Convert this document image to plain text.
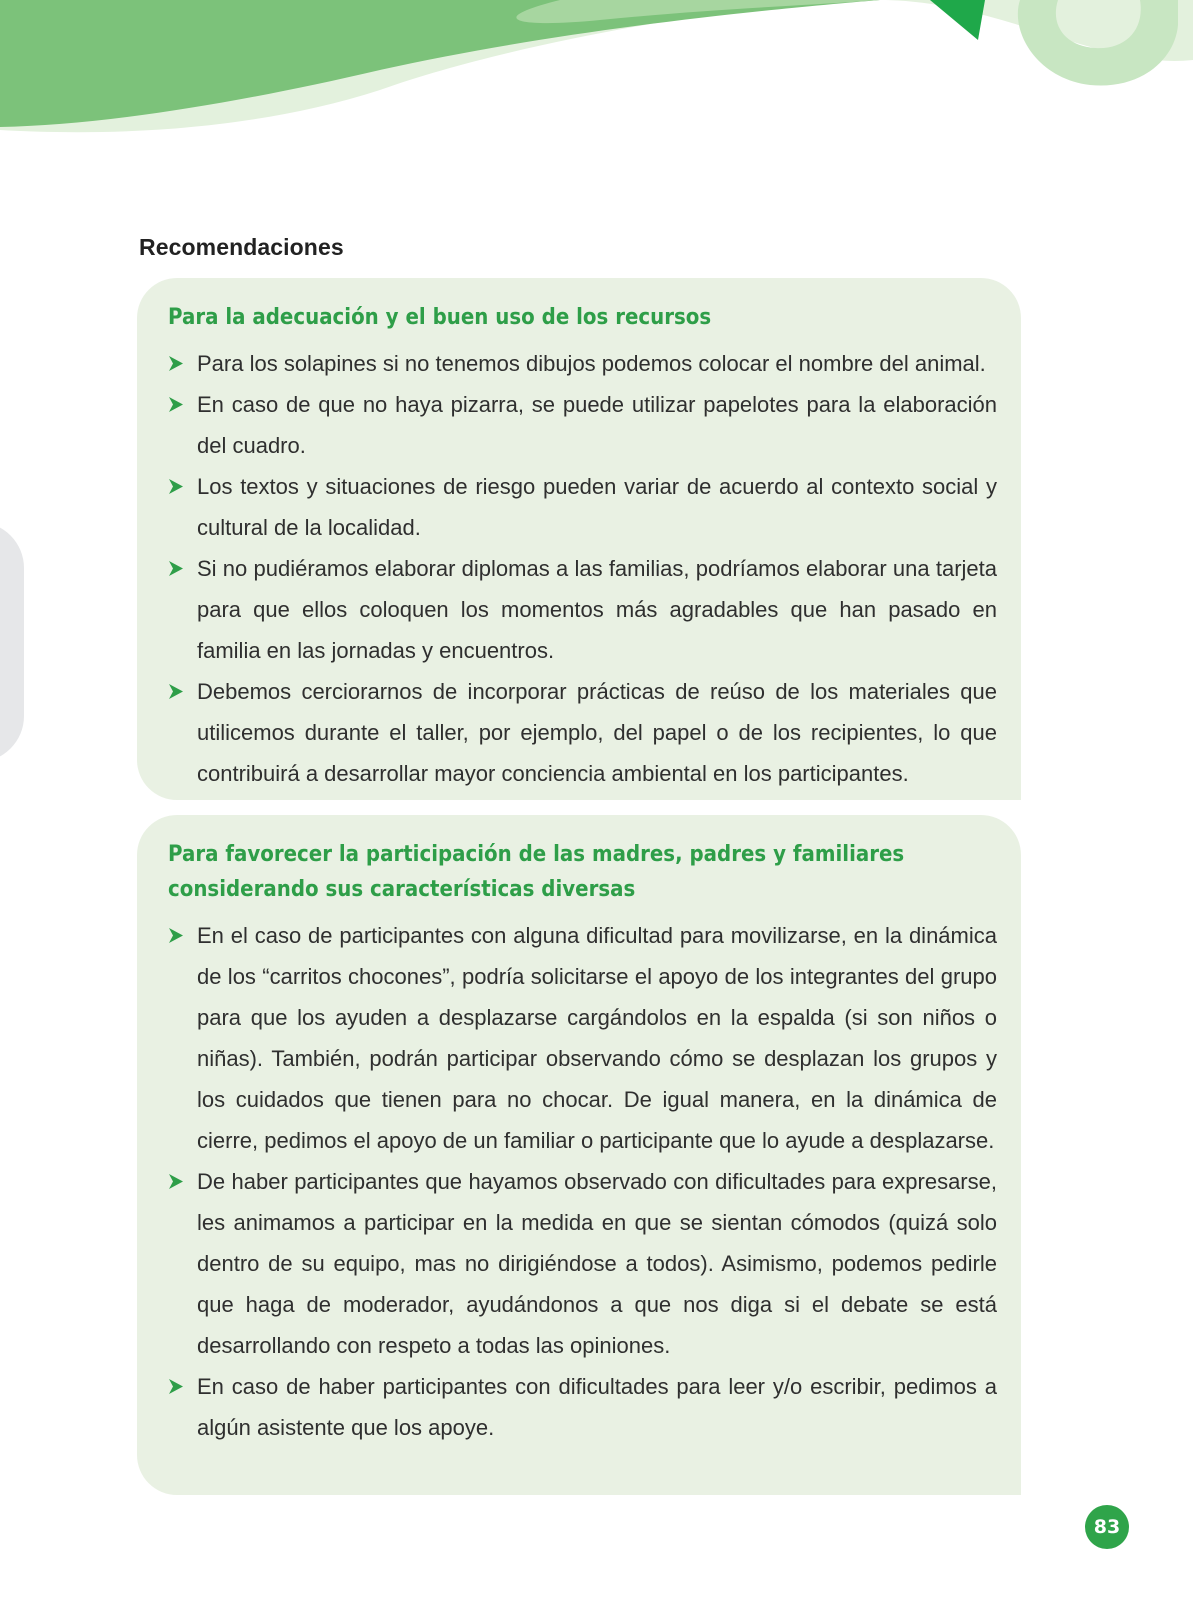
Recomendaciones
Para la adecuación y el buen uso de los recursos
Para los solapines si no tenemos dibujos podemos colocar el nombre del animal.
En caso de que no haya pizarra, se puede utilizar papelotes para la elaboración del cuadro.
Los textos y situaciones de riesgo pueden variar de acuerdo al contexto social y cultural de la localidad.
Si no pudiéramos elaborar diplomas a las familias, podríamos elaborar una tarjeta para que ellos coloquen los momentos más agradables que han pasado en familia en las jornadas y encuentros.
Debemos cerciorarnos de incorporar prácticas de reúso de los materiales que utilicemos durante el taller, por ejemplo, del papel o de los recipientes, lo que contribuirá a desarrollar mayor conciencia ambiental en los participantes.
Para favorecer la participación de las madres, padres y familiares considerando sus características diversas
En el caso de participantes con alguna dificultad para movilizarse, en la dinámica de los “carritos chocones”, podría solicitarse el apoyo de los integrantes del grupo para que los ayuden a desplazarse cargándolos en la espalda (si son niños o niñas). También, podrán participar observando cómo se desplazan los grupos y los cuidados que tienen para no chocar. De igual manera, en la dinámica de cierre, pedimos el apoyo de un familiar o participante que lo ayude a desplazarse.
De haber participantes que hayamos observado con dificultades para expresarse, les animamos a participar en la medida en que se sientan cómodos (quizá solo dentro de su equipo, mas no dirigiéndose a todos). Asimismo, podemos pedirle que haga de moderador, ayudándonos a que nos diga si el debate se está desarrollando con respeto a todas las opiniones.
En caso de haber participantes con dificultades para leer y/o escribir, pedimos a algún asistente que los apoye.
83
